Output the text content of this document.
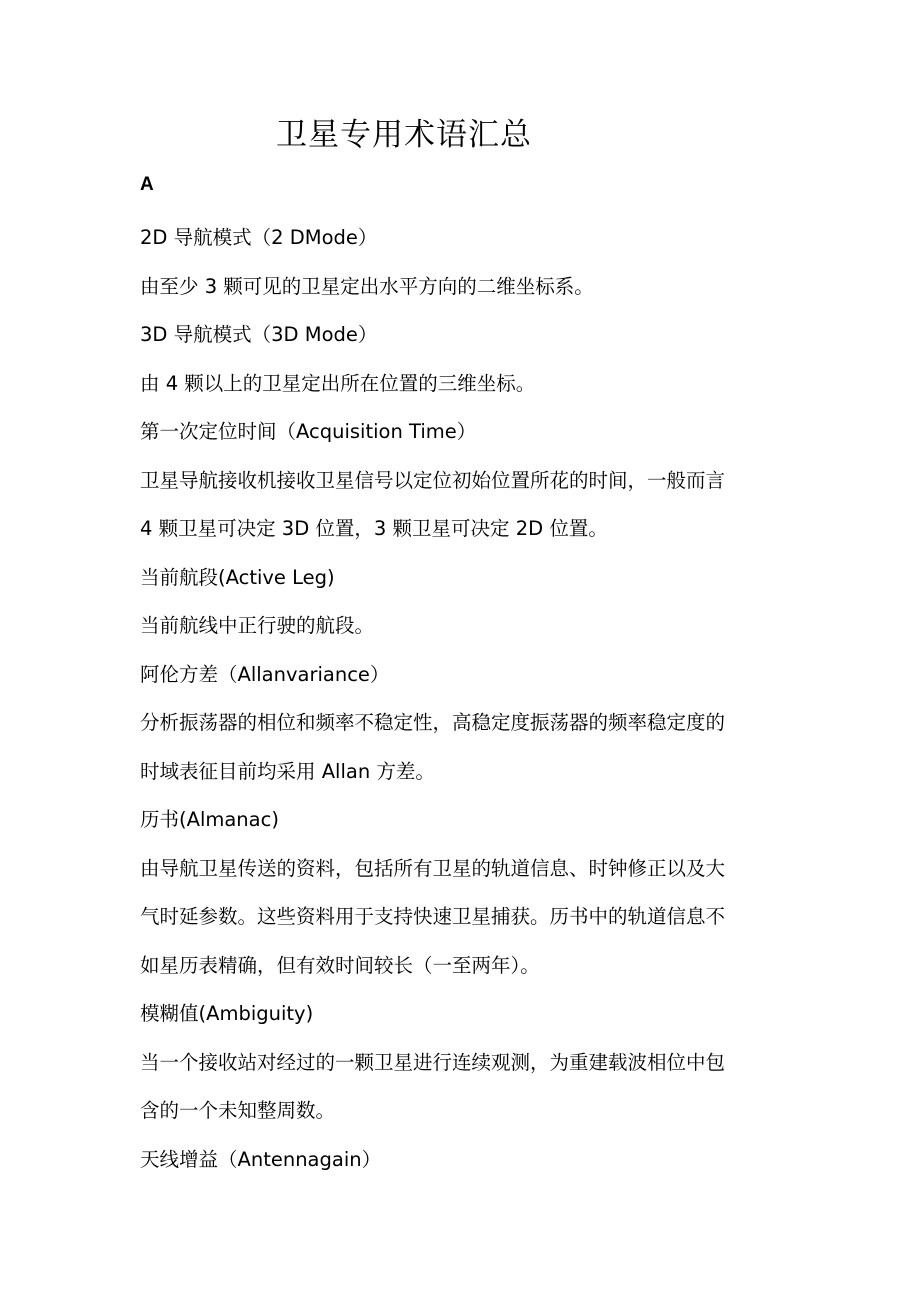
卫星专用术语汇总
A
2D 导航模式（2 DMode）
由至少 3 颗可见的卫星定出水平方向的二维坐标系。
3D 导航模式（3D Mode）
由 4 颗以上的卫星定出所在位置的三维坐标。
第一次定位时间（Acquisition Time）
卫星导航接收机接收卫星信号以定位初始位置所花的时间，一般而言
4 颗卫星可决定 3D 位置，3 颗卫星可决定 2D 位置。
当前航段(Active Leg)
当前航线中正行驶的航段。
阿伦方差（Allanvariance）
分析振荡器的相位和频率不稳定性，高稳定度振荡器的频率稳定度的
时域表征目前均采用 Allan 方差。
历书(Almanac)
由导航卫星传送的资料，包括所有卫星的轨道信息、时钟修正以及大
气时延参数。这些资料用于支持快速卫星捕获。历书中的轨道信息不
如星历表精确，但有效时间较长（一至两年）。
模糊值(Ambiguity)
当一个接收站对经过的一颗卫星进行连续观测，为重建载波相位中包
含的一个未知整周数。
天线增益（Antennagain）
